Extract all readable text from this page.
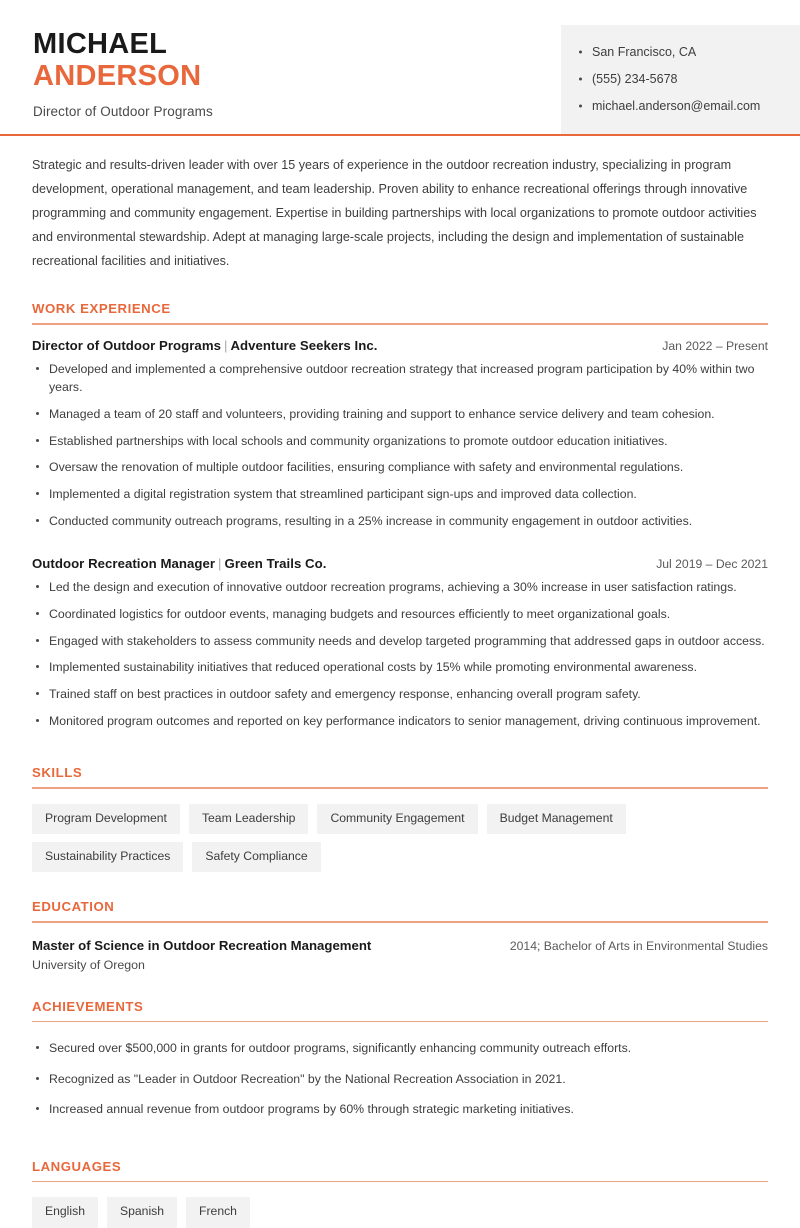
MICHAEL
ANDERSON
Director of Outdoor Programs
San Francisco, CA
(555) 234-5678
michael.anderson@email.com

Strategic and results-driven leader with over 15 years of experience in the outdoor recreation industry, specializing in program development, operational management, and team leadership. Proven ability to enhance recreational offerings through innovative programming and community engagement. Expertise in building partnerships with local organizations to promote outdoor activities and environmental stewardship. Adept at managing large-scale projects, including the design and implementation of sustainable recreational facilities and initiatives.

WORK EXPERIENCE
Director of Outdoor Programs | Adventure Seekers Inc.	Jan 2022 – Present
Developed and implemented a comprehensive outdoor recreation strategy that increased program participation by 40% within two years.
Managed a team of 20 staff and volunteers, providing training and support to enhance service delivery and team cohesion.
Established partnerships with local schools and community organizations to promote outdoor education initiatives.
Oversaw the renovation of multiple outdoor facilities, ensuring compliance with safety and environmental regulations.
Implemented a digital registration system that streamlined participant sign-ups and improved data collection.
Conducted community outreach programs, resulting in a 25% increase in community engagement in outdoor activities.
Outdoor Recreation Manager | Green Trails Co.	Jul 2019 – Dec 2021
Led the design and execution of innovative outdoor recreation programs, achieving a 30% increase in user satisfaction ratings.
Coordinated logistics for outdoor events, managing budgets and resources efficiently to meet organizational goals.
Engaged with stakeholders to assess community needs and develop targeted programming that addressed gaps in outdoor access.
Implemented sustainability initiatives that reduced operational costs by 15% while promoting environmental awareness.
Trained staff on best practices in outdoor safety and emergency response, enhancing overall program safety.
Monitored program outcomes and reported on key performance indicators to senior management, driving continuous improvement.
SKILLS
Program Development	Team Leadership	Community Engagement	Budget Management
Sustainability Practices	Safety Compliance
EDUCATION
Master of Science in Outdoor Recreation Management	2014; Bachelor of Arts in Environmental Studies
University of Oregon
ACHIEVEMENTS
Secured over $500,000 in grants for outdoor programs, significantly enhancing community outreach efforts.
Recognized as "Leader in Outdoor Recreation" by the National Recreation Association in 2021.
Increased annual revenue from outdoor programs by 60% through strategic marketing initiatives.
LANGUAGES
English	Spanish	French
